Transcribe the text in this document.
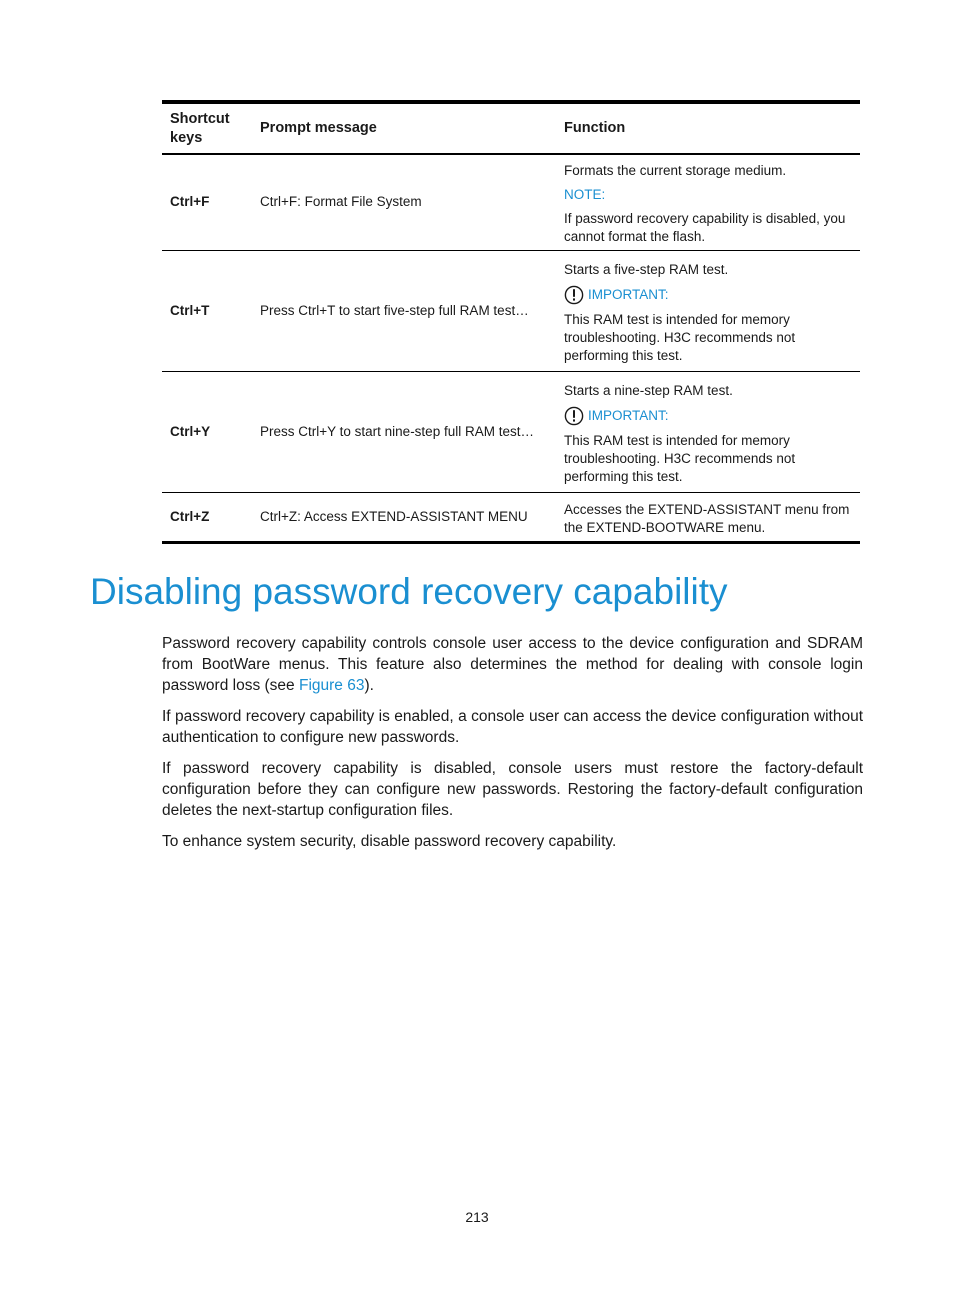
Shortcut keys	Prompt message	Function
Ctrl+F	Ctrl+F: Format File System	Formats the current storage medium.

NOTE:

If password recovery capability is disabled, you cannot format the flash.

Ctrl+T	Press Ctrl+T to start five-step full RAM test…	Starts a five-step RAM test.

IMPORTANT:

This RAM test is intended for memory troubleshooting. H3C recommends not performing this test.

Ctrl+Y	Press Ctrl+Y to start nine-step full RAM test…	Starts a nine-step RAM test.

IMPORTANT:

This RAM test is intended for memory troubleshooting. H3C recommends not performing this test.

Ctrl+Z	Ctrl+Z: Access EXTEND-ASSISTANT MENU	Accesses the EXTEND-ASSISTANT menu from the EXTEND-BOOTWARE menu.

Disabling password recovery capability

Password recovery capability controls console user access to the device configuration and SDRAM from BootWare menus. This feature also determines the method for dealing with console login password loss (see Figure 63).

If password recovery capability is enabled, a console user can access the device configuration without authentication to configure new passwords.

If password recovery capability is disabled, console users must restore the factory-default configuration before they can configure new passwords. Restoring the factory-default configuration deletes the next-startup configuration files.

To enhance system security, disable password recovery capability.

213
